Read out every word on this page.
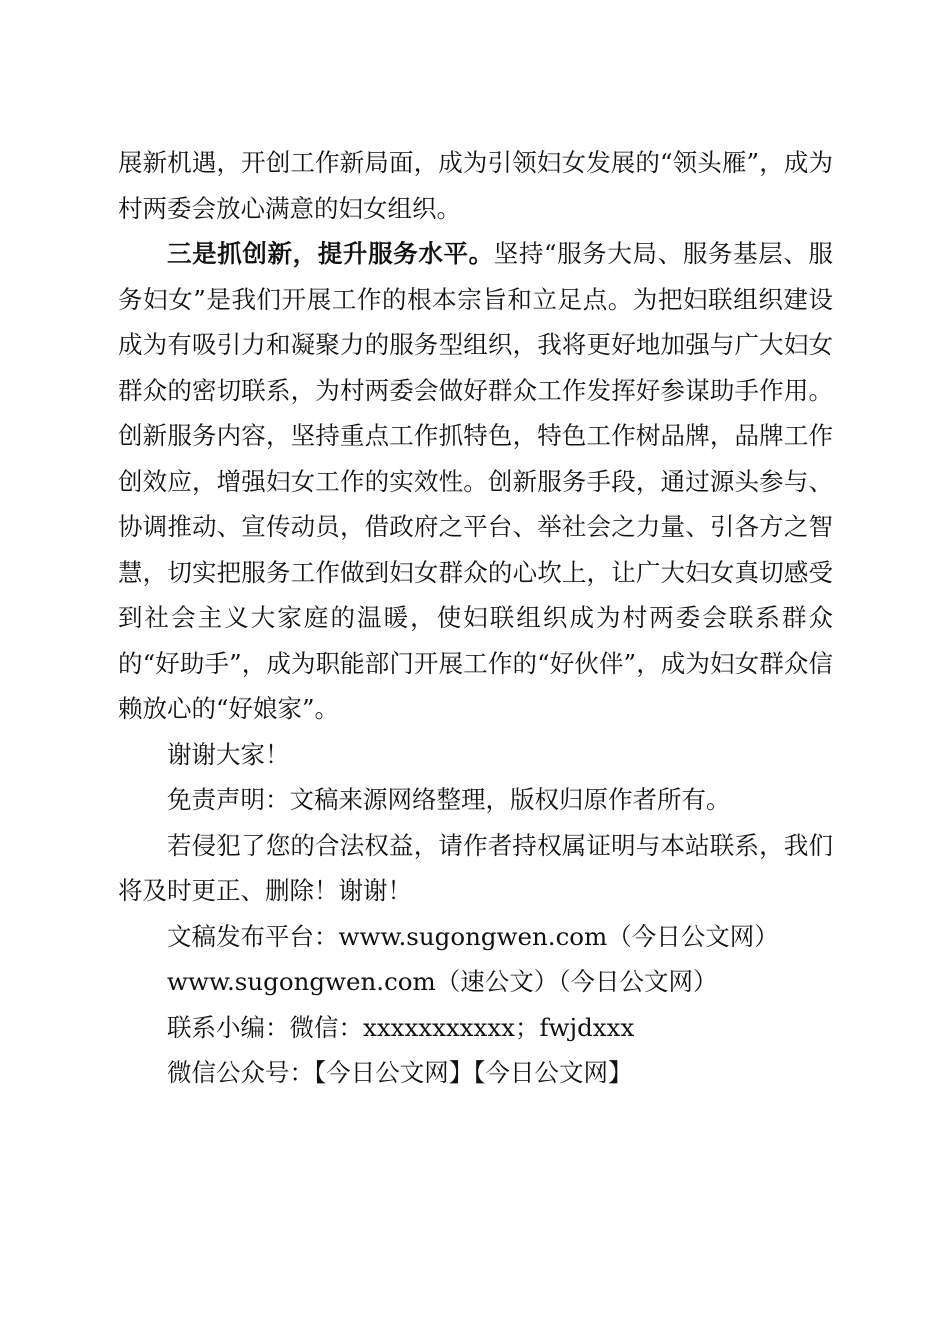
展新机遇，开创工作新局面，成为引领妇女发展的“领头雁”，成为村两委会放心满意的妇女组织。

三是抓创新，提升服务水平。坚持“服务大局、服务基层、服务妇女”是我们开展工作的根本宗旨和立足点。为把妇联组织建设成为有吸引力和凝聚力的服务型组织，我将更好地加强与广大妇女群众的密切联系，为村两委会做好群众工作发挥好参谋助手作用。创新服务内容，坚持重点工作抓特色，特色工作树品牌，品牌工作创效应，增强妇女工作的实效性。创新服务手段，通过源头参与、协调推动、宣传动员，借政府之平台、举社会之力量、引各方之智慧，切实把服务工作做到妇女群众的心坎上，让广大妇女真切感受到社会主义大家庭的温暖，使妇联组织成为村两委会联系群众的“好助手”，成为职能部门开展工作的“好伙伴”，成为妇女群众信赖放心的“好娘家”。

谢谢大家！

免责声明：文稿来源网络整理，版权归原作者所有。

若侵犯了您的合法权益，请作者持权属证明与本站联系，我们将及时更正、删除！谢谢！

文稿发布平台：www.sugongwen.com（今日公文网）

www.sugongwen.com（速公文）（今日公文网）

联系小编：微信：xxxxxxxxxxx；fwjdxxx

微信公众号：【今日公文网】【今日公文网】
